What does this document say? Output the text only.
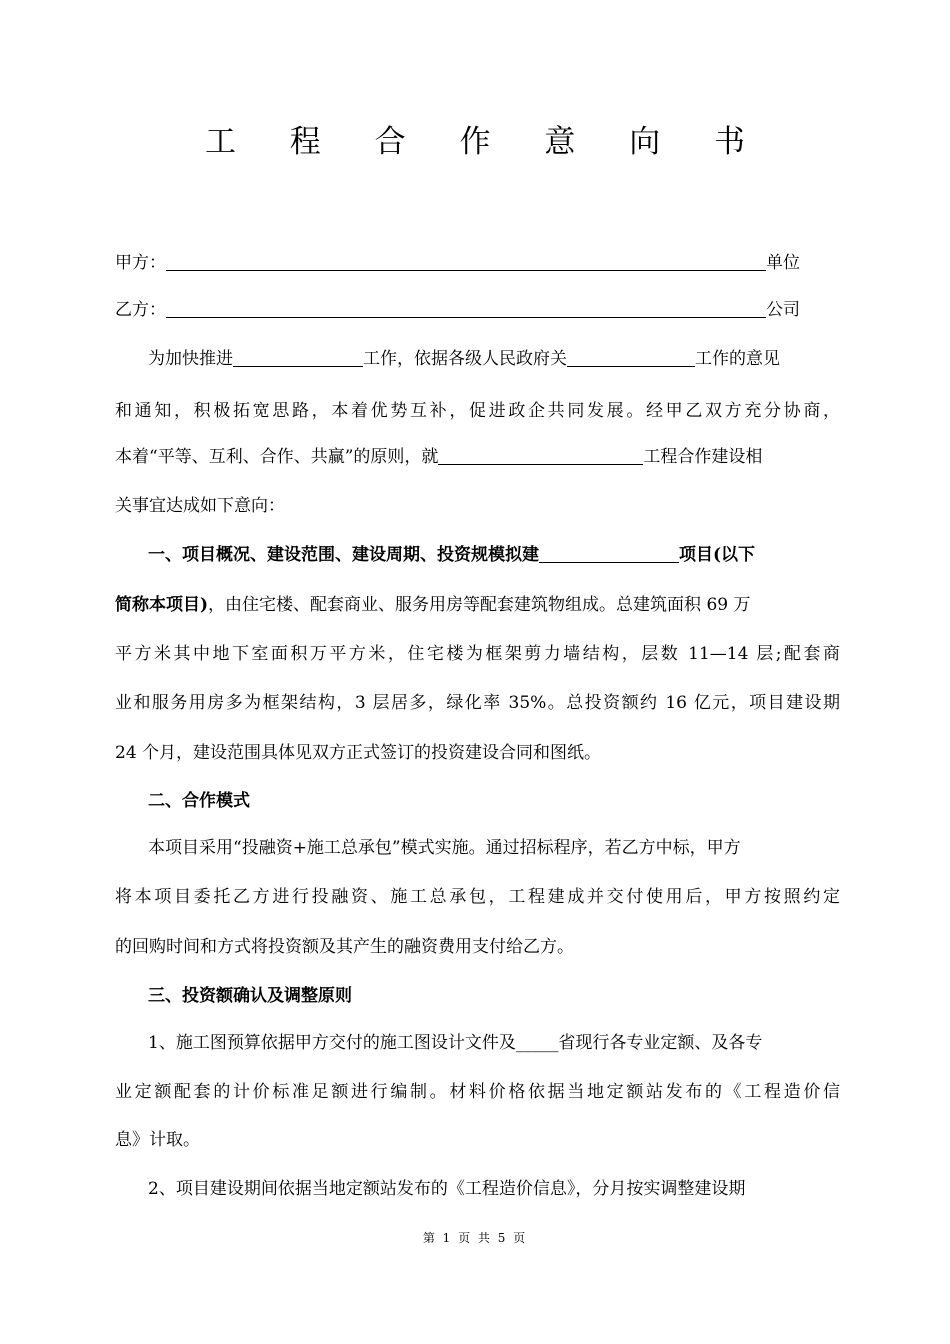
工 程 合 作 意 向 书
甲方：	单位
乙方：	公司
为加快推进	工作，依据各级人民政府关	工作的意见
和通知，积极拓宽思路，本着优势互补，促进政企共同发展。经甲乙双方充分协商，
本着“平等、互利、合作、共赢”的原则，就	工程合作建设相
关事宜达成如下意向：
一、项目概况、建设范围、建设周期、投资规模拟建	项目(以下
简称本项目)，由住宅楼、配套商业、服务用房等配套建筑物组成。总建筑面积 69 万
平方米其中地下室面积万平方米，住宅楼为框架剪力墙结构，层数 11—14 层;配套商
业和服务用房多为框架结构，3 层居多，绿化率 35%。总投资额约 16 亿元，项目建设期
24 个月，建设范围具体见双方正式签订的投资建设合同和图纸。
二、合作模式
本项目采用“投融资+施工总承包”模式实施。通过招标程序，若乙方中标，甲方
将本项目委托乙方进行投融资、施工总承包，工程建成并交付使用后，甲方按照约定
的回购时间和方式将投资额及其产生的融资费用支付给乙方。
三、投资额确认及调整原则
1、施工图预算依据甲方交付的施工图设计文件及_____省现行各专业定额、及各专
业定额配套的计价标准足额进行编制。材料价格依据当地定额站发布的《工程造价信
息》计取。
2、项目建设期间依据当地定额站发布的《工程造价信息》，分月按实调整建设期
第 1 页 共 5 页
